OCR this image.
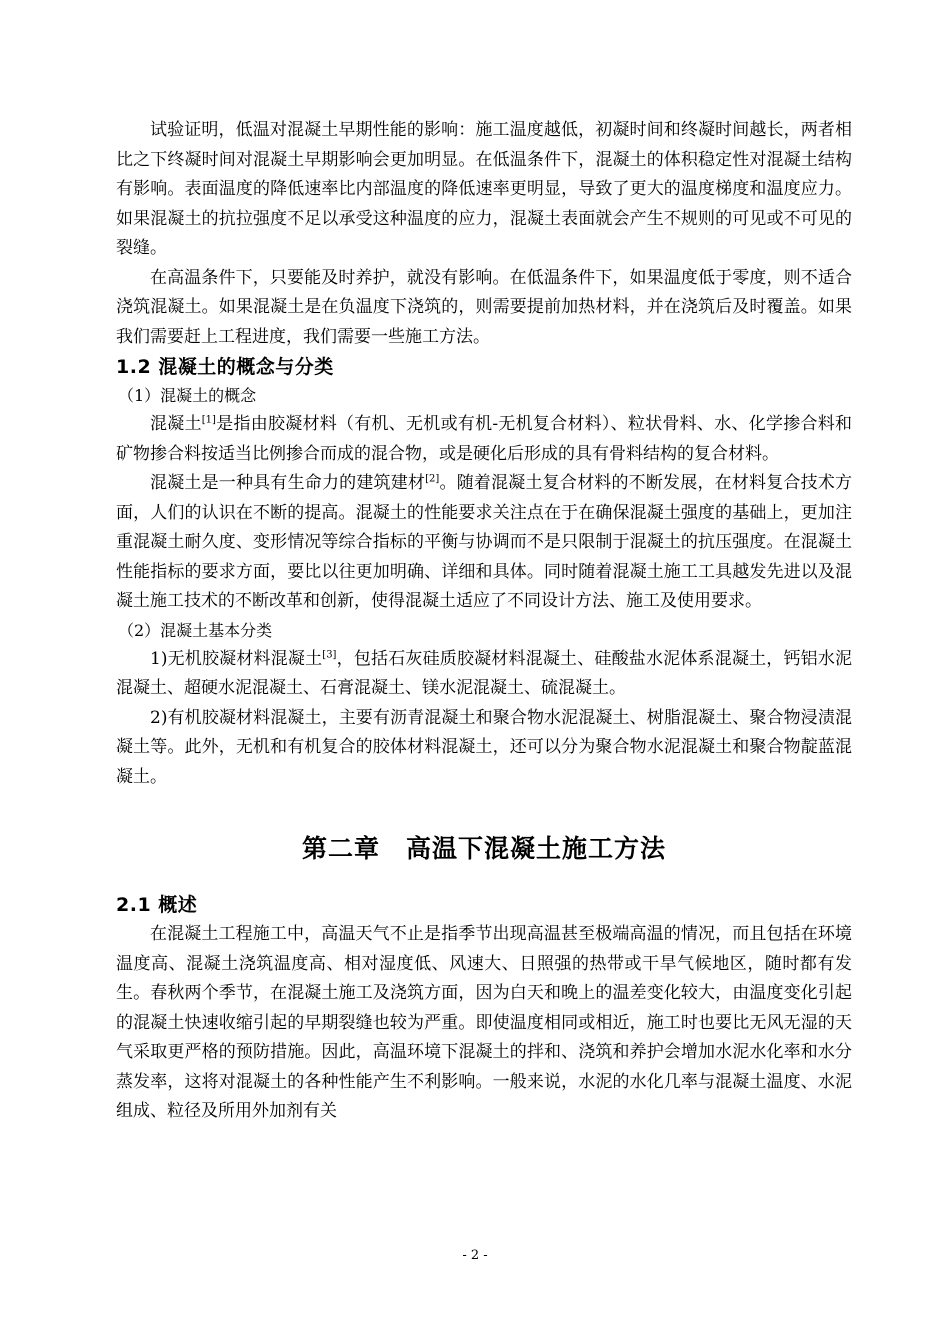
试验证明，低温对混凝土早期性能的影响：施工温度越低，初凝时间和终凝时间越长，两者相比之下终凝时间对混凝土早期影响会更加明显。在低温条件下，混凝土的体积稳定性对混凝土结构有影响。表面温度的降低速率比内部温度的降低速率更明显，导致了更大的温度梯度和温度应力。如果混凝土的抗拉强度不足以承受这种温度的应力，混凝土表面就会产生不规则的可见或不可见的裂缝。

在高温条件下，只要能及时养护，就没有影响。在低温条件下，如果温度低于零度，则不适合浇筑混凝土。如果混凝土是在负温度下浇筑的，则需要提前加热材料，并在浇筑后及时覆盖。如果我们需要赶上工程进度，我们需要一些施工方法。

1.2 混凝土的概念与分类
（1）混凝土的概念

混凝土[1]是指由胶凝材料（有机、无机或有机-无机复合材料）、粒状骨料、水、化学掺合料和矿物掺合料按适当比例掺合而成的混合物，或是硬化后形成的具有骨料结构的复合材料。

混凝土是一种具有生命力的建筑建材[2]。随着混凝土复合材料的不断发展，在材料复合技术方面，人们的认识在不断的提高。混凝土的性能要求关注点在于在确保混凝土强度的基础上，更加注重混凝土耐久度、变形情况等综合指标的平衡与协调而不是只限制于混凝土的抗压强度。在混凝土性能指标的要求方面，要比以往更加明确、详细和具体。同时随着混凝土施工工具越发先进以及混凝土施工技术的不断改革和创新，使得混凝土适应了不同设计方法、施工及使用要求。

（2）混凝土基本分类

1)无机胶凝材料混凝土[3]，包括石灰硅质胶凝材料混凝土、硅酸盐水泥体系混凝土，钙铝水泥混凝土、超硬水泥混凝土、石膏混凝土、镁水泥混凝土、硫混凝土。

2)有机胶凝材料混凝土，主要有沥青混凝土和聚合物水泥混凝土、树脂混凝土、聚合物浸渍混凝土等。此外，无机和有机复合的胶体材料混凝土，还可以分为聚合物水泥混凝土和聚合物靛蓝混凝土。

第二章　高温下混凝土施工方法
2.1 概述

在混凝土工程施工中，高温天气不止是指季节出现高温甚至极端高温的情况，而且包括在环境温度高、混凝土浇筑温度高、相对湿度低、风速大、日照强的热带或干旱气候地区，随时都有发生。春秋两个季节，在混凝土施工及浇筑方面，因为白天和晚上的温差变化较大，由温度变化引起的混凝土快速收缩引起的早期裂缝也较为严重。即使温度相同或相近，施工时也要比无风无湿的天气采取更严格的预防措施。因此，高温环境下混凝土的拌和、浇筑和养护会增加水泥水化率和水分蒸发率，这将对混凝土的各种性能产生不利影响。一般来说，水泥的水化几率与混凝土温度、水泥组成、粒径及所用外加剂有关

- 2 -
